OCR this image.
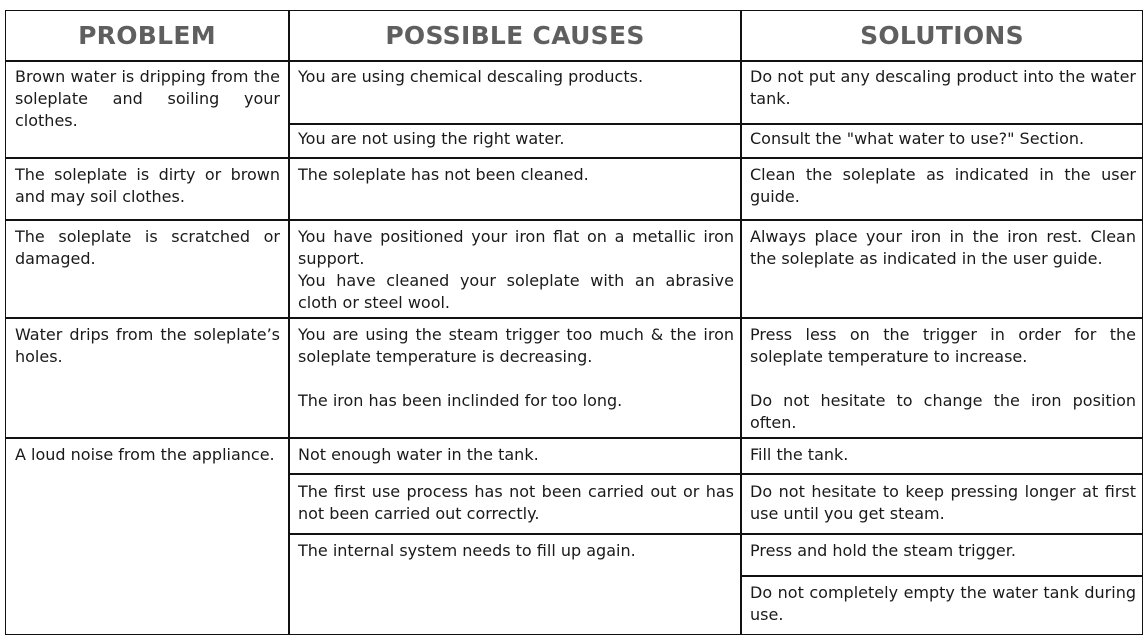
PROBLEM	POSSIBLE CAUSES	SOLUTIONS

Brown water is dripping from the soleplate and soiling your clothes.

The soleplate is dirty or brown and may soil clothes.

The soleplate is scratched or damaged.

Water drips from the soleplate’s holes.

A loud noise from the appliance.

You are using chemical descaling products.

You are not using the right water.

The soleplate has not been cleaned.

You have positioned your iron flat on a metallic iron support.

You have cleaned your soleplate with an abrasive cloth or steel wool.

You are using the steam trigger too much & the iron soleplate temperature is decreasing.

The iron has been inclinded for too long.

Not enough water in the tank.

The first use process has not been carried out or has not been carried out correctly.

The internal system needs to fill up again.

Do not put any descaling product into the water tank.

Consult the "what water to use?" Section.

Clean the soleplate as indicated in the user guide.

Always place your iron in the iron rest. Clean the soleplate as indicated in the user guide.

Press less on the trigger in order for the soleplate temperature to increase.

Do not hesitate to change the iron position often.

Fill the tank.

Do not hesitate to keep pressing longer at first use until you get steam.

Press and hold the steam trigger.

Do not completely empty the water tank during use.
